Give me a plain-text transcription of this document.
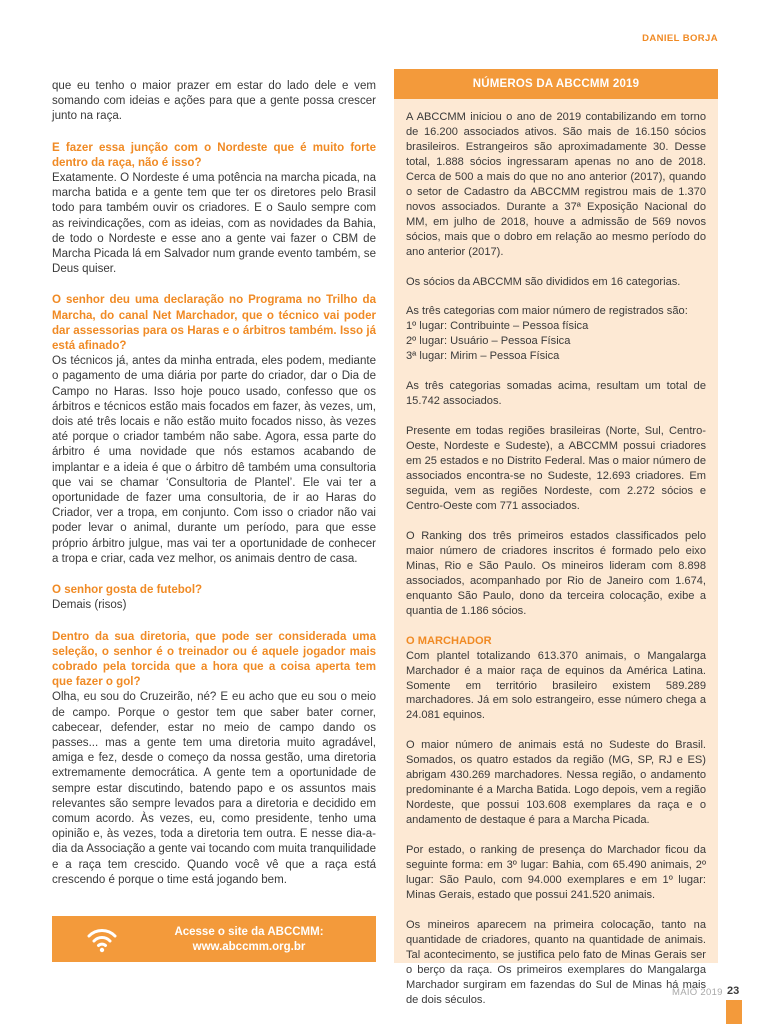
DANIEL BORJA

que eu tenho o maior prazer em estar do lado dele e vem somando com ideias e ações para que a gente possa crescer junto na raça.

E fazer essa junção com o Nordeste que é muito forte dentro da raça, não é isso?
Exatamente. O Nordeste é uma potência na marcha picada, na marcha batida e a gente tem que ter os diretores pelo Brasil todo para também ouvir os criadores. E o Saulo sempre com as reivindicações, com as ideias, com as novidades da Bahia, de todo o Nordeste e esse ano a gente vai fazer o CBM de Marcha Picada lá em Salvador num grande evento também, se Deus quiser.

O senhor deu uma declaração no Programa no Trilho da Marcha, do canal Net Marchador, que o técnico vai poder dar assessorias para os Haras e o árbitros também. Isso já está afinado?
Os técnicos já, antes da minha entrada, eles podem, mediante o pagamento de uma diária por parte do criador, dar o Dia de Campo no Haras. Isso hoje pouco usado, confesso que os árbitros e técnicos estão mais focados em fazer, às vezes, um, dois até três locais e não estão muito focados nisso, às vezes até porque o criador também não sabe. Agora, essa parte do árbitro é uma novidade que nós estamos acabando de implantar e a ideia é que o árbitro dê também uma consultoria que vai se chamar ‘Consultoria de Plantel’. Ele vai ter a oportunidade de fazer uma consultoria, de ir ao Haras do Criador, ver a tropa, em conjunto. Com isso o criador não vai poder levar o animal, durante um período, para que esse próprio árbitro julgue, mas vai ter a oportunidade de conhecer a tropa e criar, cada vez melhor, os animais dentro de casa.

O senhor gosta de futebol?
Demais (risos)

Dentro da sua diretoria, que pode ser considerada uma seleção, o senhor é o treinador ou é aquele jogador mais cobrado pela torcida que a hora que a coisa aperta tem que fazer o gol?
Olha, eu sou do Cruzeirão, né? E eu acho que eu sou o meio de campo. Porque o gestor tem que saber bater corner, cabecear, defender, estar no meio de campo dando os passes... mas a gente tem uma diretoria muito agradável, amiga e fez, desde o começo da nossa gestão, uma diretoria extremamente democrática. A gente tem a oportunidade de sempre estar discutindo, batendo papo e os assuntos mais relevantes são sempre levados para a diretoria e decidido em comum acordo. Às vezes, eu, como presidente, tenho uma opinião e, às vezes, toda a diretoria tem outra. E nesse dia-a-dia da Associação a gente vai tocando com muita tranquilidade e a raça tem crescido. Quando você vê que a raça está crescendo é porque o time está jogando bem.

Acesse o site da ABCCMM:
www.abccmm.org.br
NÚMEROS DA ABCCMM 2019

A ABCCMM iniciou o ano de 2019 contabilizando em torno de 16.200 associados ativos. São mais de 16.150 sócios brasileiros. Estrangeiros são aproximadamente 30. Desse total, 1.888 sócios ingressaram apenas no ano de 2018. Cerca de 500 a mais do que no ano anterior (2017), quando o setor de Cadastro da ABCCMM registrou mais de 1.370 novos associados. Durante a 37ª Exposição Nacional do MM, em julho de 2018, houve a admissão de 569 novos sócios, mais que o dobro em relação ao mesmo período do ano anterior (2017).

Os sócios da ABCCMM são divididos em 16 categorias.

As três categorias com maior número de registrados são:
1º lugar: Contribuinte – Pessoa física
2º lugar: Usuário – Pessoa Física
3ª lugar: Mirim – Pessoa Física

As três categorias somadas acima, resultam um total de 15.742 associados.

Presente em todas regiões brasileiras (Norte, Sul, Centro-Oeste, Nordeste e Sudeste), a ABCCMM possui criadores em 25 estados e no Distrito Federal. Mas o maior número de associados encontra-se no Sudeste, 12.693 criadores. Em seguida, vem as regiões Nordeste, com 2.272 sócios e Centro-Oeste com 771 associados.

O Ranking dos três primeiros estados classificados pelo maior número de criadores inscritos é formado pelo eixo Minas, Rio e São Paulo. Os mineiros lideram com 8.898 associados, acompanhado por Rio de Janeiro com 1.674, enquanto São Paulo, dono da terceira colocação, exibe a quantia de 1.186 sócios.

O MARCHADOR
Com plantel totalizando 613.370 animais, o Mangalarga Marchador é a maior raça de equinos da América Latina. Somente em território brasileiro existem 589.289 marchadores. Já em solo estrangeiro, esse número chega a 24.081 equinos.

O maior número de animais está no Sudeste do Brasil. Somados, os quatro estados da região (MG, SP, RJ e ES) abrigam 430.269 marchadores. Nessa região, o andamento predominante é a Marcha Batida. Logo depois, vem a região Nordeste, que possui 103.608 exemplares da raça e o andamento de destaque é para a Marcha Picada.

Por estado, o ranking de presença do Marchador ficou da seguinte forma: em 3º lugar: Bahia, com 65.490 animais, 2º lugar: São Paulo, com 94.000 exemplares e em 1º lugar: Minas Gerais, estado que possui 241.520 animais.

Os mineiros aparecem na primeira colocação, tanto na quantidade de criadores, quanto na quantidade de animais. Tal acontecimento, se justifica pelo fato de Minas Gerais ser o berço da raça. Os primeiros exemplares do Mangalarga Marchador surgiram em fazendas do Sul de Minas há mais de dois séculos.

MAIO 2019 23
